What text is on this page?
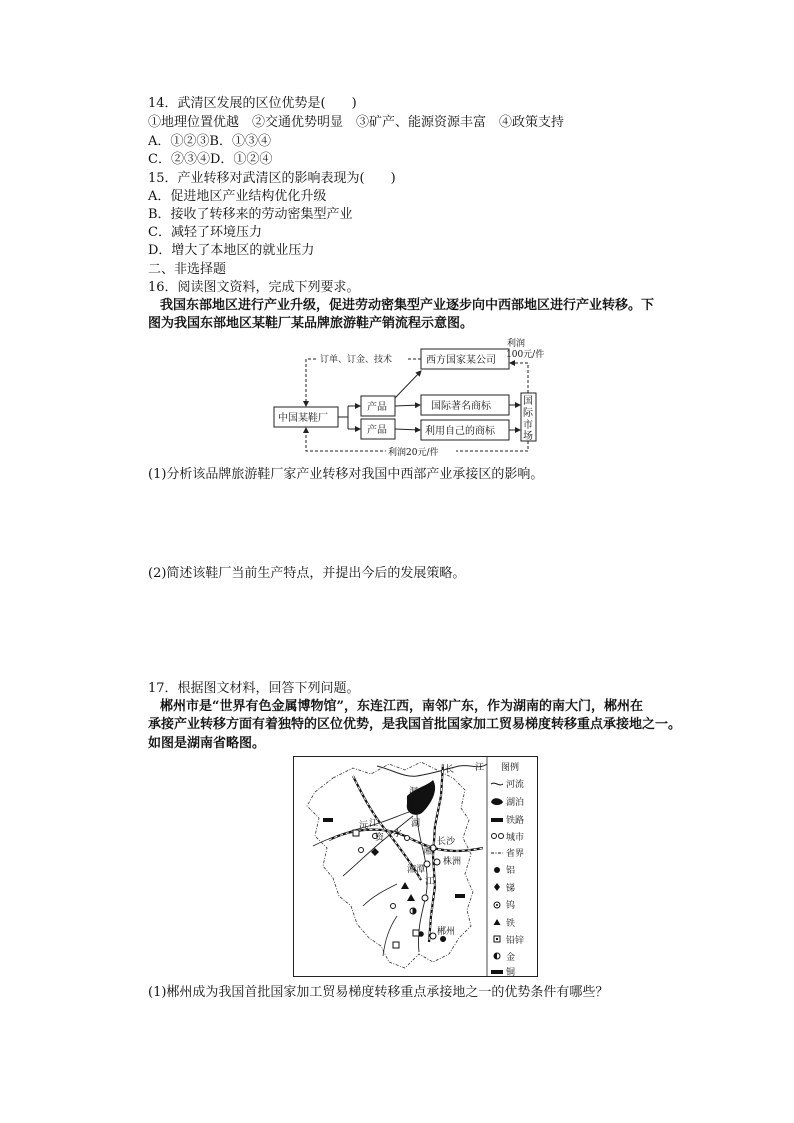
14．武清区发展的区位优势是(　　)
①地理位置优越　②交通优势明显　③矿产、能源资源丰富　④政策支持
A．①②③B．①③④
C．②③④D．①②④
15．产业转移对武清区的影响表现为(　　)
A．促进地区产业结构优化升级
B．接收了转移来的劳动密集型产业
C．减轻了环境压力
D．增大了本地区的就业压力
二、非选择题
16．阅读图文资料，完成下列要求。
我国东部地区进行产业升级，促进劳动密集型产业逐步向中西部地区进行产业转移。下
图为我国东部地区某鞋厂某品牌旅游鞋产销流程示意图。
中国某鞋厂
产品
产品
西方国家某公司
国际著名商标
利用自己的商标
国
际
市
场
订单、订金、技术
利润
100元/件
利润20元/件
(1)分析该品牌旅游鞋厂家产业转移对我国中西部产业承接区的影响。
(2)简述该鞋厂当前生产特点，并提出今后的发展策略。
17．根据图文材料，回答下列问题。
郴州市是“世界有色金属博物馆”，东连江西，南邻广东，作为湖南的南大门，郴州在
承接产业转移方面有着独特的区位优势，是我国首批国家加工贸易梯度转移重点承接地之一。
如图是湖南省略图。
长 江
洞
庭
湖
沅 江
资 水
长沙
湘
株洲
湘潭
江
郴州
图例
河流
湖泊
铁路
城市
省界
铝
锑
钨
铁
铅锌
金
铜
(1)郴州成为我国首批国家加工贸易梯度转移重点承接地之一的优势条件有哪些？
